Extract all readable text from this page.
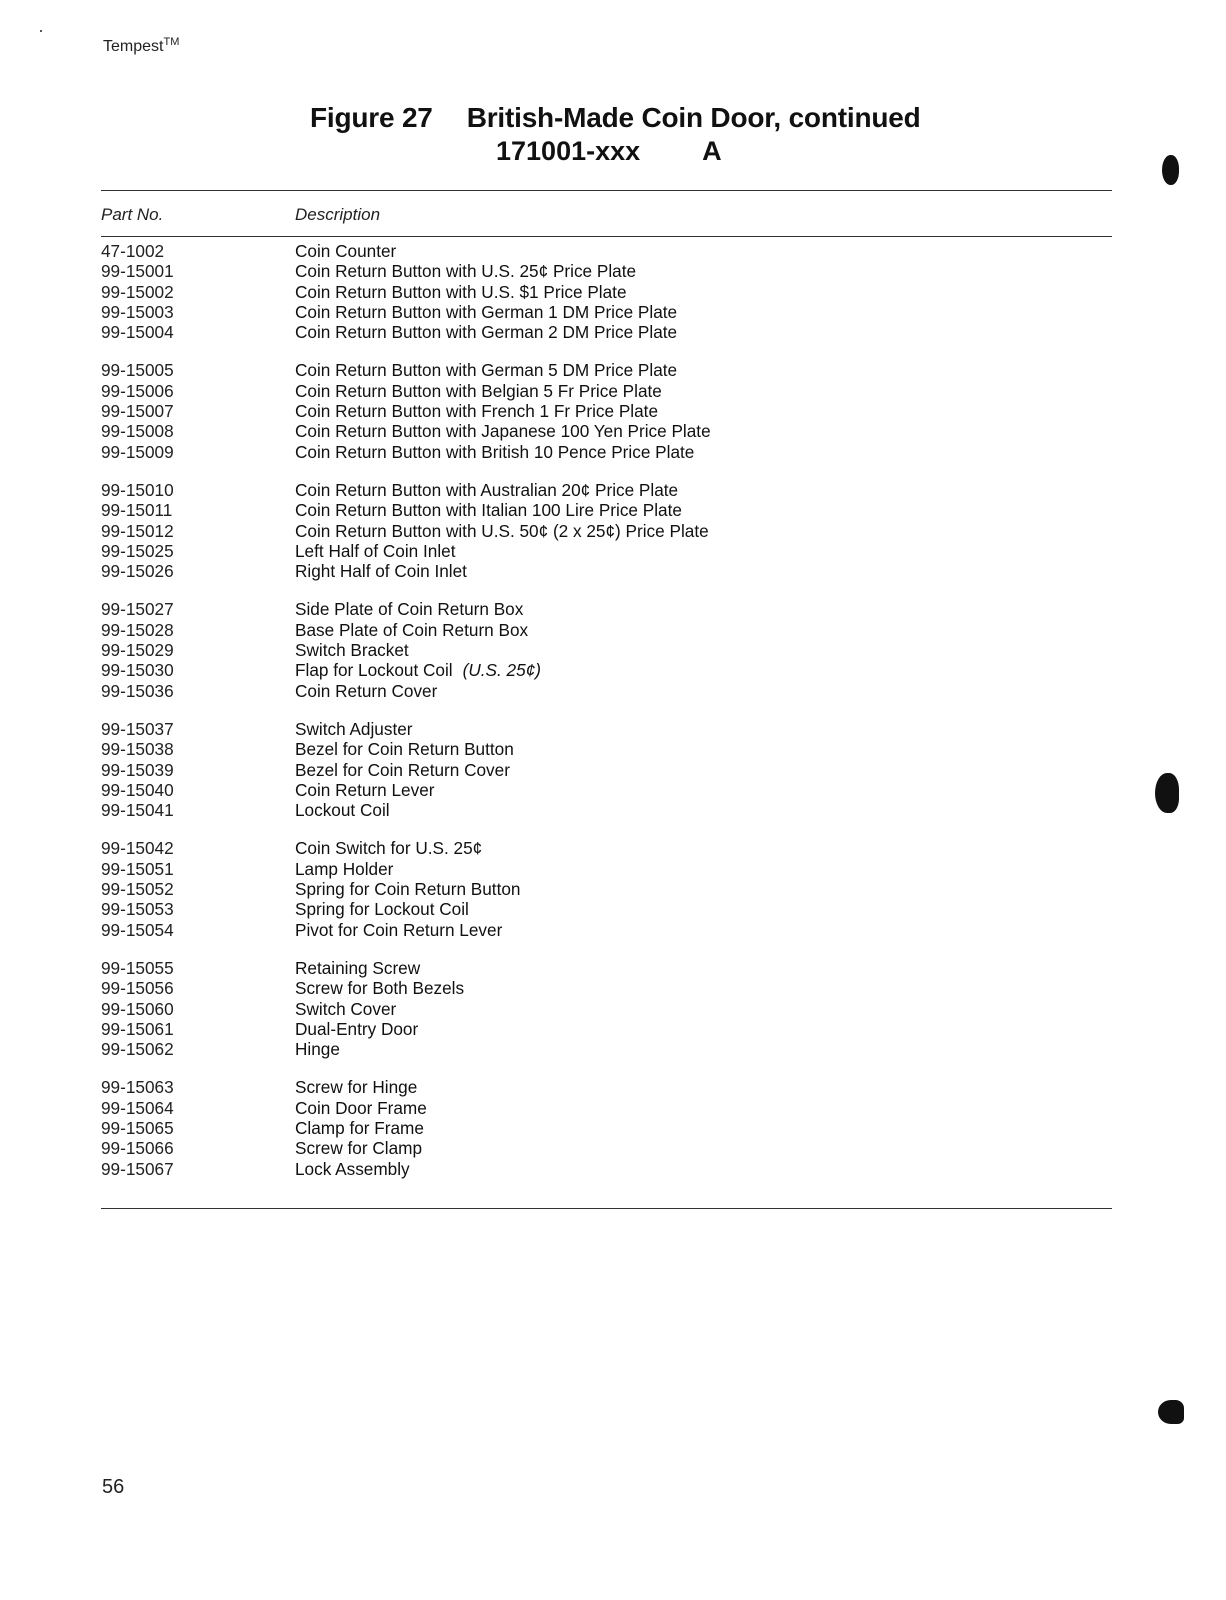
Tempest™
Figure 27 British-Made Coin Door, continued
171001-xxx A
Part No.	Description
47-1002	Coin Counter
99-15001	Coin Return Button with U.S. 25¢ Price Plate
99-15002	Coin Return Button with U.S. $1 Price Plate
99-15003	Coin Return Button with German 1 DM Price Plate
99-15004	Coin Return Button with German 2 DM Price Plate
99-15005	Coin Return Button with German 5 DM Price Plate
99-15006	Coin Return Button with Belgian 5 Fr Price Plate
99-15007	Coin Return Button with French 1 Fr Price Plate
99-15008	Coin Return Button with Japanese 100 Yen Price Plate
99-15009	Coin Return Button with British 10 Pence Price Plate
99-15010	Coin Return Button with Australian 20¢ Price Plate
99-15011	Coin Return Button with Italian 100 Lire Price Plate
99-15012	Coin Return Button with U.S. 50¢ (2 x 25¢) Price Plate
99-15025	Left Half of Coin Inlet
99-15026	Right Half of Coin Inlet
99-15027	Side Plate of Coin Return Box
99-15028	Base Plate of Coin Return Box
99-15029	Switch Bracket
99-15030	Flap for Lockout Coil (U.S. 25¢)
99-15036	Coin Return Cover
99-15037	Switch Adjuster
99-15038	Bezel for Coin Return Button
99-15039	Bezel for Coin Return Cover
99-15040	Coin Return Lever
99-15041	Lockout Coil
99-15042	Coin Switch for U.S. 25¢
99-15051	Lamp Holder
99-15052	Spring for Coin Return Button
99-15053	Spring for Lockout Coil
99-15054	Pivot for Coin Return Lever
99-15055	Retaining Screw
99-15056	Screw for Both Bezels
99-15060	Switch Cover
99-15061	Dual-Entry Door
99-15062	Hinge
99-15063	Screw for Hinge
99-15064	Coin Door Frame
99-15065	Clamp for Frame
99-15066	Screw for Clamp
99-15067	Lock Assembly
56
